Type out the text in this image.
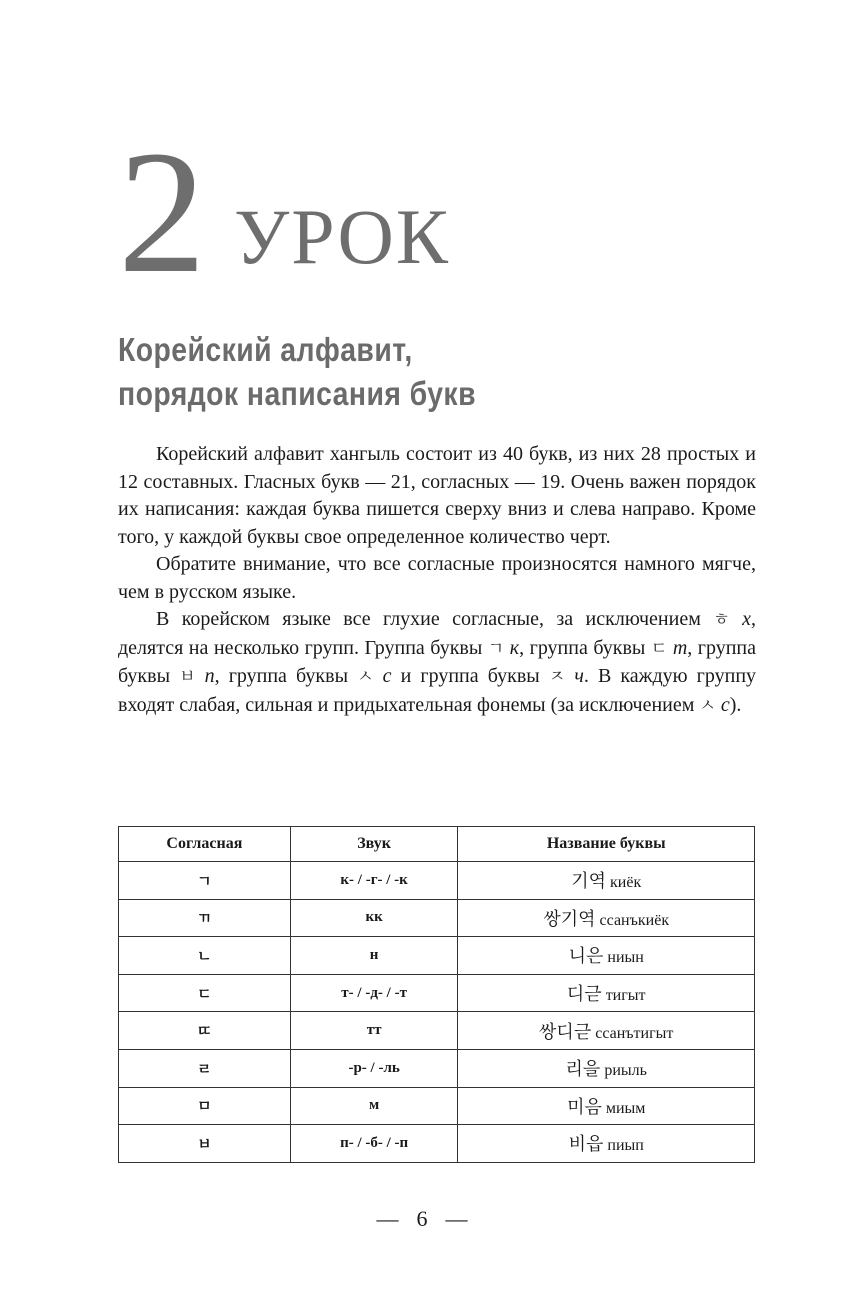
2 УРОК
Корейский алфавит,
порядок написания букв

Корейский алфавит хангыль состоит из 40 букв, из них 28 простых и 12 составных. Гласных букв — 21, согласных — 19. Очень важен порядок их написания: каждая буква пишется сверху вниз и слева направо. Кроме того, у каждой буквы свое определенное количество черт.

Обратите внимание, что все согласные произносятся намного мягче, чем в русском языке.

В корейском языке все глухие согласные, за исключением ㅎ х, делятся на несколько групп. Группа буквы ㄱ к, группа буквы ㄷ т, группа буквы ㅂ п, группа буквы ㅅ с и группа буквы ㅈ ч. В каждую группу входят слабая, сильная и придыхательная фонемы (за исключением ㅅ с).

Согласная	Звук	Название буквы
ㄱ	к- / -г- / -к	기역 киёк
ㄲ	кк	쌍기역 ссанъкиёк
ㄴ	н	니은 ниын
ㄷ	т- / -д- / -т	디귿 тигыт
ㄸ	тт	쌍디귿 ссанътигыт
ㄹ	-р- / -ль	리을 риыль
ㅁ	м	미음 миым
ㅂ	п- / -б- / -п	비읍 пиып
— 6 —
